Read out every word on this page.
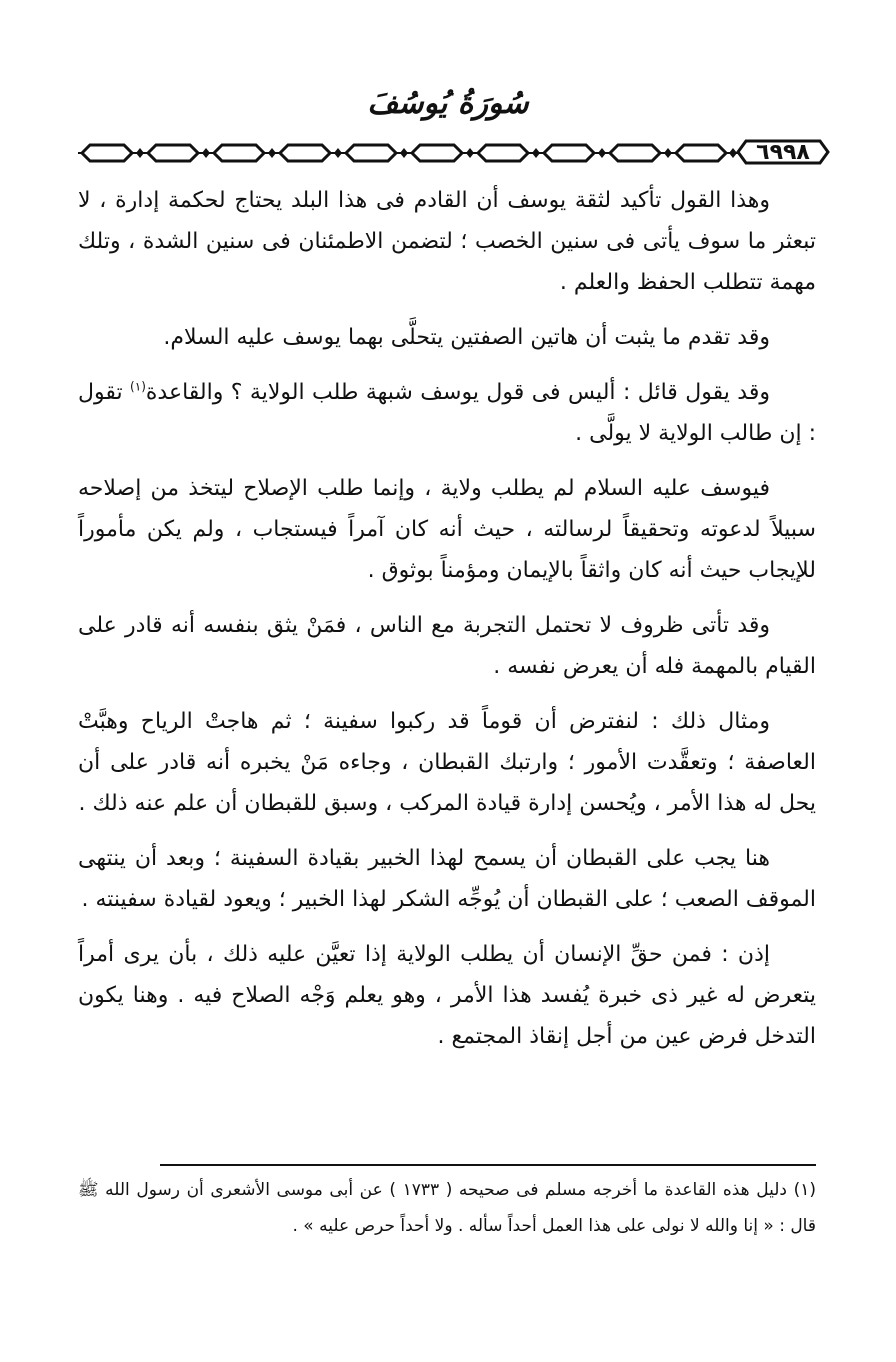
سُورَةُ يُوسُفَ
٦٩٩٨

وهذا القول تأكيد لثقة يوسف أن القادم فى هذا البلد يحتاج لحكمة إدارة ، لا تبعثر ما سوف يأتى فى سنين الخصب ؛ لتضمن الاطمئنان فى سنين الشدة ، وتلك مهمة تتطلب الحفظ والعلم .

وقد تقدم ما يثبت أن هاتين الصفتين يتحلَّى بهما يوسف عليه السلام.

وقد يقول قائل : أليس فى قول يوسف شبهة طلب الولاية ؟ والقاعدة$^{(١)}$ تقول : إن طالب الولاية لا يولَّى .

فيوسف عليه السلام لم يطلب ولاية ، وإنما طلب الإصلاح ليتخذ من إصلاحه سبيلاً لدعوته وتحقيقاً لرسالته ، حيث أنه كان آمراً فيستجاب ، ولم يكن مأموراً للإيجاب حيث أنه كان واثقاً بالإيمان ومؤمناً بوثوق .

وقد تأتى ظروف لا تحتمل التجربة مع الناس ، فمَنْ يثق بنفسه أنه قادر على القيام بالمهمة فله أن يعرض نفسه .

ومثال ذلك : لنفترض أن قوماً قد ركبوا سفينة ؛ ثم هاجتْ الرياح وهبَّتْ العاصفة ؛ وتعقَّدت الأمور ؛ وارتبك القبطان ، وجاءه مَنْ يخبره أنه قادر على أن يحل له هذا الأمر ، ويُحسن إدارة قيادة المركب ، وسبق للقبطان أن علم عنه ذلك .

هنا يجب على القبطان أن يسمح لهذا الخبير بقيادة السفينة ؛ وبعد أن ينتهى الموقف الصعب ؛ على القبطان أن يُوجِّه الشكر لهذا الخبير ؛ ويعود لقيادة سفينته .

إذن : فمن حقِّ الإنسان أن يطلب الولاية إذا تعيَّن عليه ذلك ، بأن يرى أمراً يتعرض له غير ذى خبرة يُفسد هذا الأمر ، وهو يعلم وَجْه الصلاح فيه . وهنا يكون التدخل فرض عين من أجل إنقاذ المجتمع .

(١) دليل هذه القاعدة ما أخرجه مسلم فى صحيحه ( ١٧٣٣ ) عن أبى موسى الأشعرى أن رسول الله ﷺ قال : « إنا والله لا نولى على هذا العمل أحداً سأله . ولا أحداً حرص عليه » .
